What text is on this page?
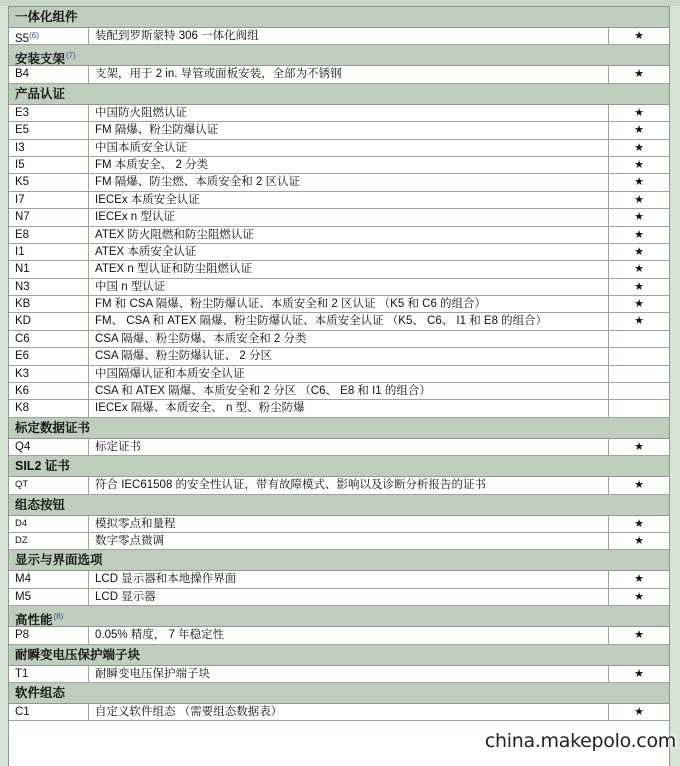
一体化组件
S5$^{(6)}$	装配到罗斯蒙特 306 一体化阀组	★
安装支架$^{(7)}$
B4	支架，用于 2 in. 导管或面板安装，全部为不锈钢	★
产品认证
E3	中国防火阻燃认证	★
E5	FM 隔爆、粉尘防爆认证	★
I3	中国本质安全认证	★
I5	FM 本质安全、 2 分类	★
K5	FM 隔爆、防尘燃、本质安全和 2 区认证	★
I7	IECEx 本质安全认证	★
N7	IECEx n 型认证	★
E8	ATEX 防火阻燃和防尘阻燃认证	★
I1	ATEX 本质安全认证	★
N1	ATEX n 型认证和防尘阻燃认证	★
N3	中国 n 型认证	★
KB	FM 和 CSA 隔爆、粉尘防爆认证、本质安全和 2 区认证 （K5 和 C6 的组合）	★
KD	FM、 CSA 和 ATEX 隔爆、粉尘防爆认证、本质安全认证 （K5、 C6、 I1 和 E8 的组合）	★
C6	CSA 隔爆、粉尘防爆、本质安全和 2 分类
E6	CSA 隔爆、粉尘防爆认证、 2 分区
K3	中国隔爆认证和本质安全认证
K6	CSA 和 ATEX 隔爆、本质安全和 2 分区 （C6、 E8 和 I1 的组合）
K8	IECEx 隔爆、本质安全、 n 型、粉尘防爆
标定数据证书
Q4	标定证书	★
SIL2 证书
QT	符合 IEC61508 的安全性认证，带有故障模式、影响以及诊断分析报告的证书	★
组态按钮
D4	模拟零点和量程	★
DZ	数字零点微调	★
显示与界面选项
M4	LCD 显示器和本地操作界面	★
M5	LCD 显示器	★
高性能$^{(8)}$
P8	0.05% 精度， 7 年稳定性	★
耐瞬变电压保护端子块
T1	耐瞬变电压保护端子块	★
软件组态
C1	自定义软件组态 （需要组态数据表）	★
china.makepolo.com
